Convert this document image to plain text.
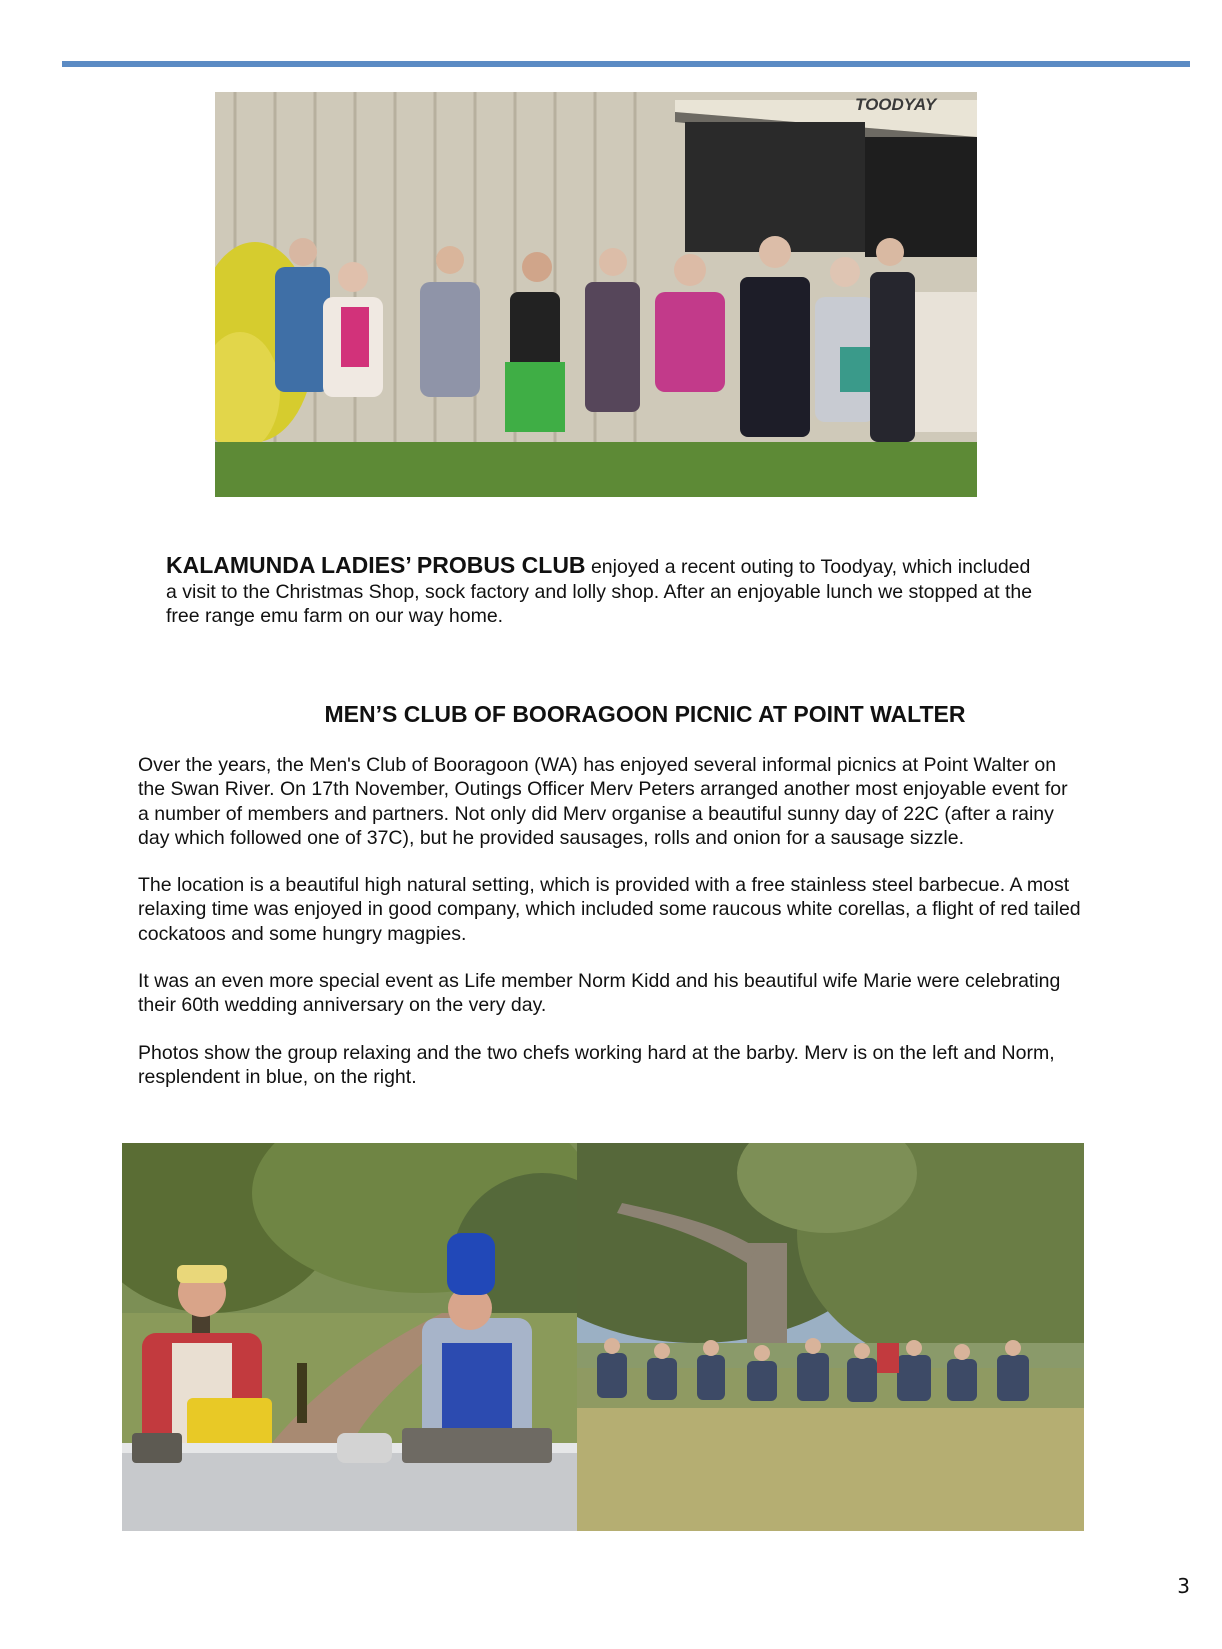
TOODYAY

KALAMUNDA LADIES’ PROBUS CLUB enjoyed a recent outing to Toodyay, which included
a visit to the Christmas Shop, sock factory and lolly shop. After an enjoyable lunch we stopped at the
free range emu farm on our way home.

MEN’S CLUB OF BOORAGOON PICNIC AT POINT WALTER

Over the years, the Men's Club of Booragoon (WA) has enjoyed several informal picnics at Point Walter on
the Swan River. On 17th November, Outings Officer Merv Peters arranged another most enjoyable event for
a number of members and partners. Not only did Merv organise a beautiful sunny day of 22C (after a rainy
day which followed one of 37C), but he provided sausages, rolls and onion for a sausage sizzle.

The location is a beautiful high natural setting, which is provided with a free stainless steel barbecue. A most
relaxing time was enjoyed in good company, which included some raucous white corellas, a flight of red tailed
cockatoos and some hungry magpies.

It was an even more special event as Life member Norm Kidd and his beautiful wife Marie were celebrating
their 60th wedding anniversary on the very day.

Photos show the group relaxing and the two chefs working hard at the barby. Merv is on the left and Norm,
resplendent in blue, on the right.

3
